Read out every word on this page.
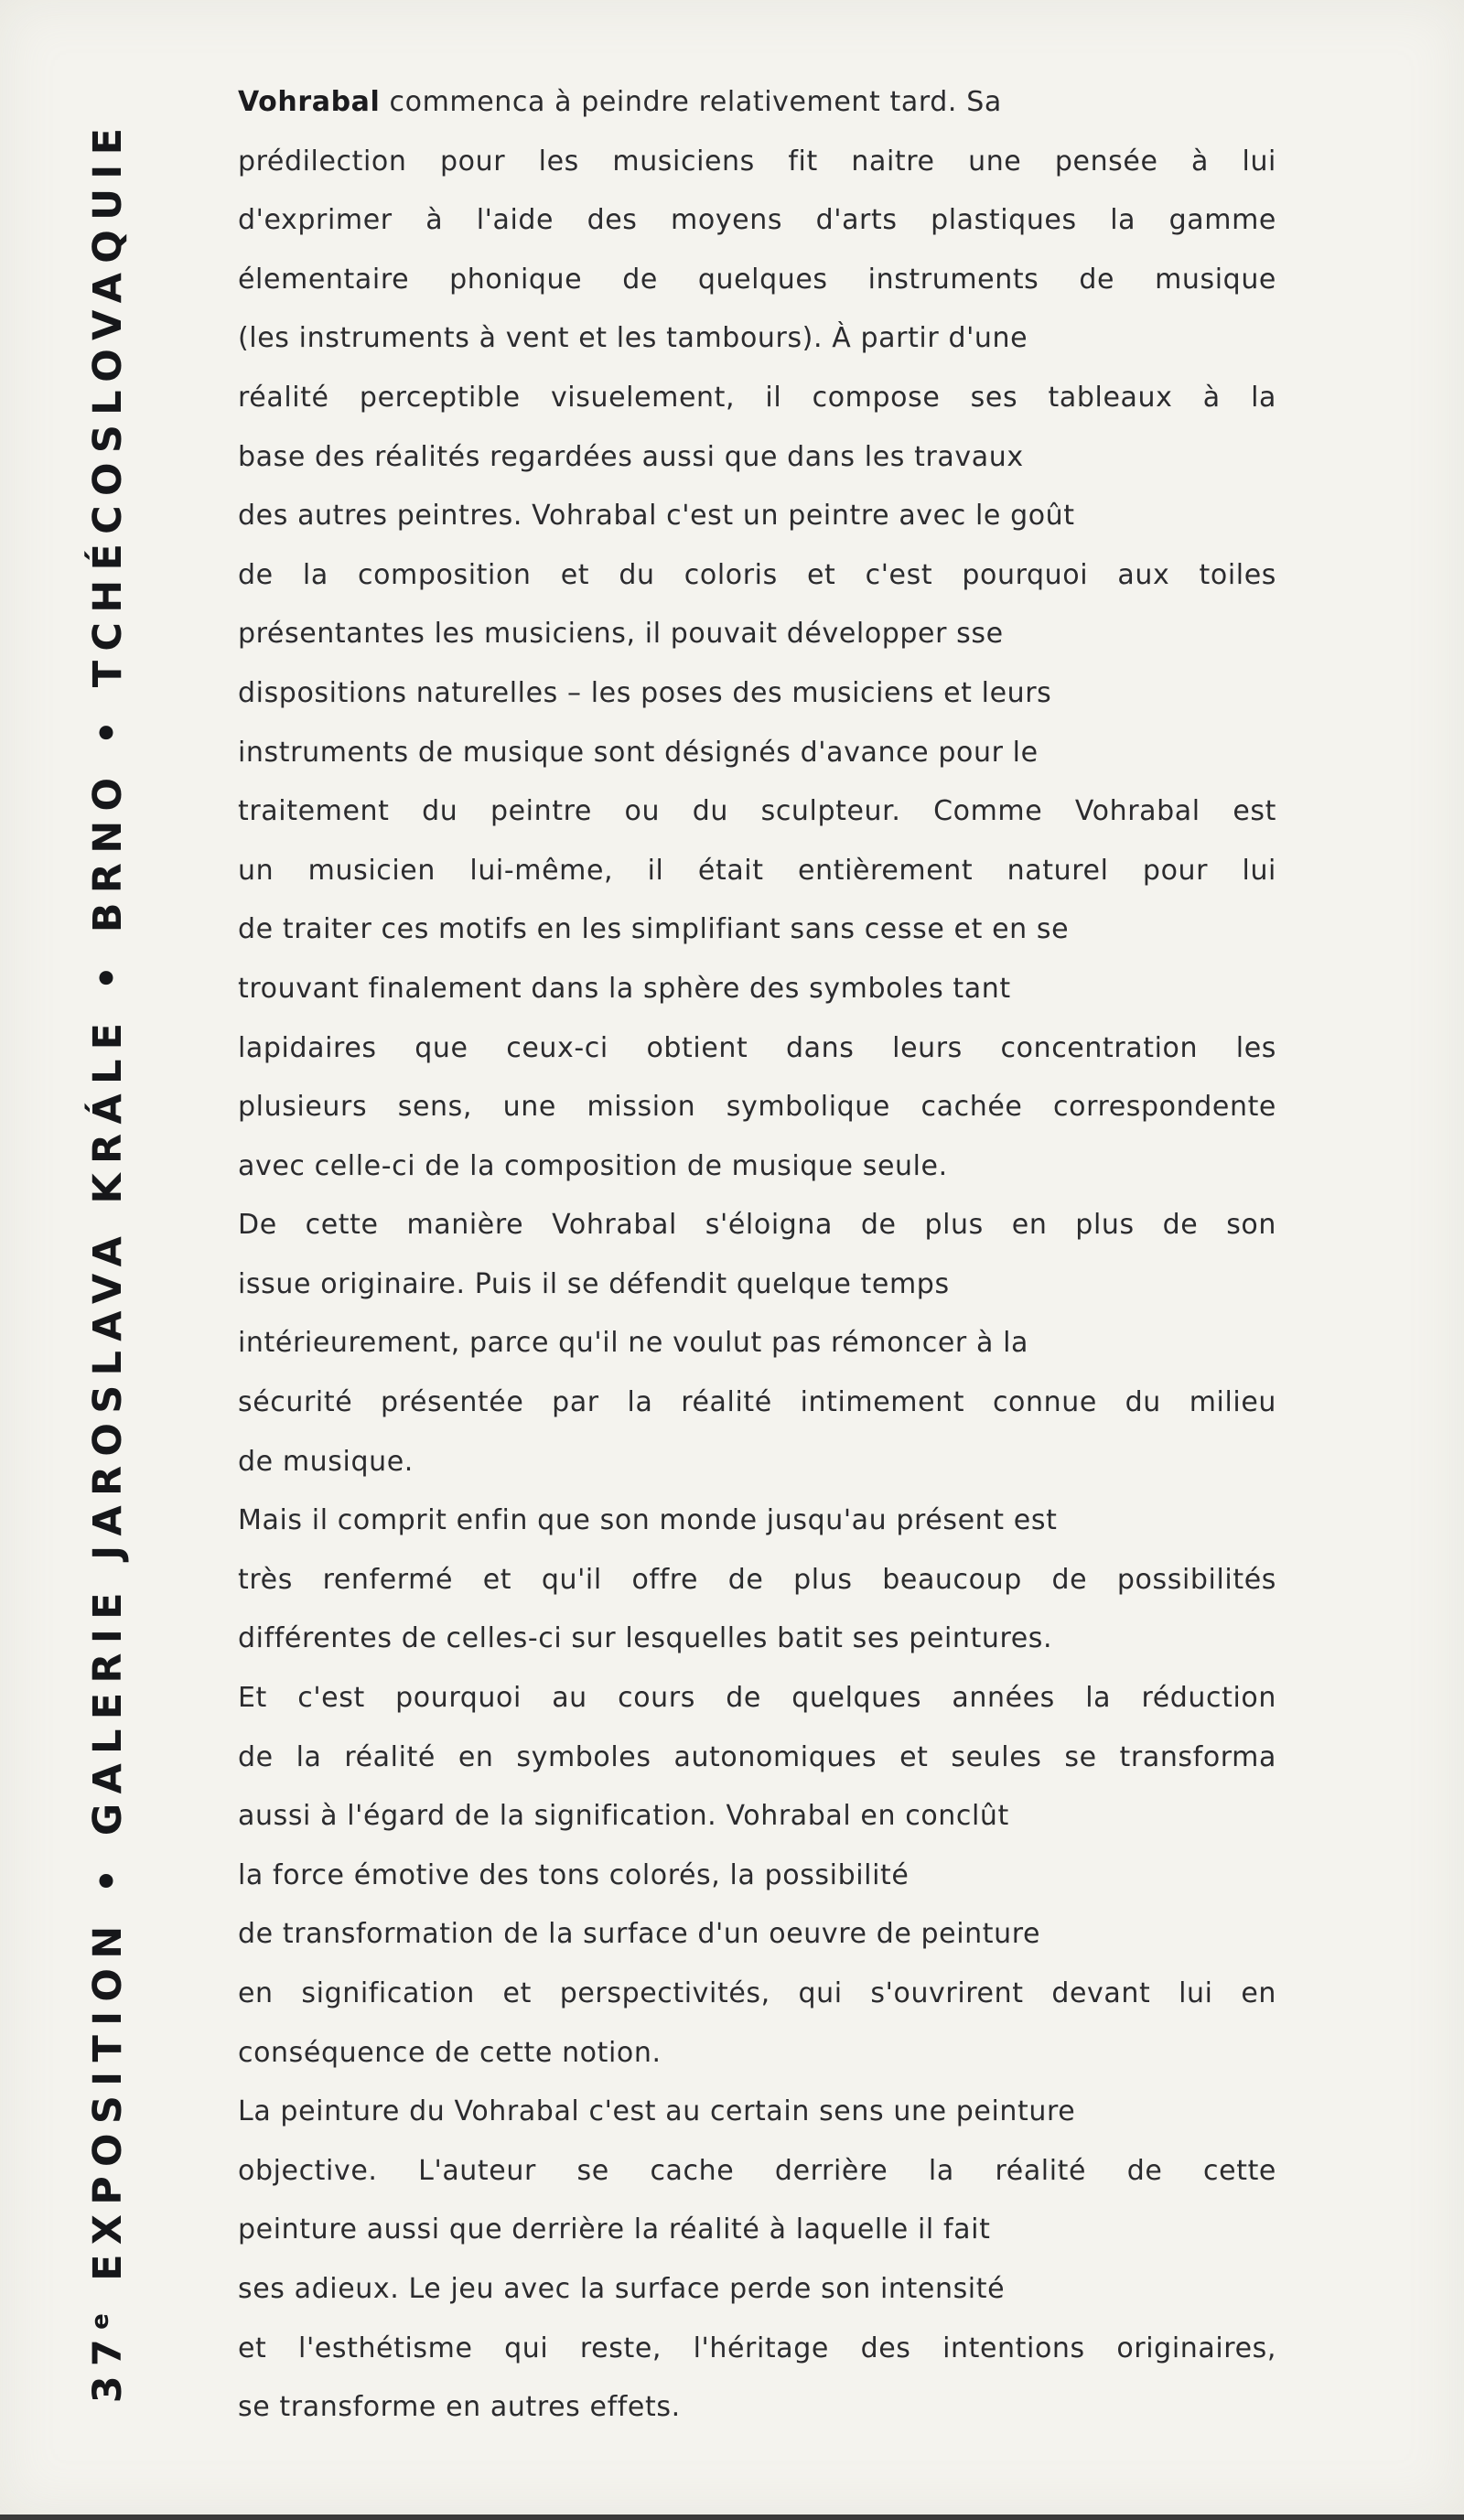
37e EXPOSITION • GALERIE JAROSLAVA KRÁLE • BRNO • TCHÉCOSLOVAQUIE
Vohrabal commenca à peindre relativement tard. Sa
prédilection pour les musiciens fit naitre une pensée à lui
d'exprimer à l'aide des moyens d'arts plastiques la gamme
élementaire phonique de quelques instruments de musique
(les instruments à vent et les tambours). À partir d'une
réalité perceptible visuelement, il compose ses tableaux à la
base des réalités regardées aussi que dans les travaux
des autres peintres. Vohrabal c'est un peintre avec le goût
de la composition et du coloris et c'est pourquoi aux toiles
présentantes les musiciens, il pouvait développer sse
dispositions naturelles – les poses des musiciens et leurs
instruments de musique sont désignés d'avance pour le
traitement du peintre ou du sculpteur. Comme Vohrabal est
un musicien lui-même, il était entièrement naturel pour lui
de traiter ces motifs en les simplifiant sans cesse et en se
trouvant finalement dans la sphère des symboles tant
lapidaires que ceux-ci obtient dans leurs concentration les
plusieurs sens, une mission symbolique cachée correspondente
avec celle-ci de la composition de musique seule.
De cette manière Vohrabal s'éloigna de plus en plus de son
issue originaire. Puis il se défendit quelque temps
intérieurement, parce qu'il ne voulut pas rémoncer à la
sécurité présentée par la réalité intimement connue du milieu
de musique.
Mais il comprit enfin que son monde jusqu'au présent est
très renfermé et qu'il offre de plus beaucoup de possibilités
différentes de celles-ci sur lesquelles batit ses peintures.
Et c'est pourquoi au cours de quelques années la réduction
de la réalité en symboles autonomiques et seules se transforma
aussi à l'égard de la signification. Vohrabal en conclût
la force émotive des tons colorés, la possibilité
de transformation de la surface d'un oeuvre de peinture
en signification et perspectivités, qui s'ouvrirent devant lui en
conséquence de cette notion.
La peinture du Vohrabal c'est au certain sens une peinture
objective. L'auteur se cache derrière la réalité de cette
peinture aussi que derrière la réalité à laquelle il fait
ses adieux. Le jeu avec la surface perde son intensité
et l'esthétisme qui reste, l'héritage des intentions originaires,
se transforme en autres effets.
